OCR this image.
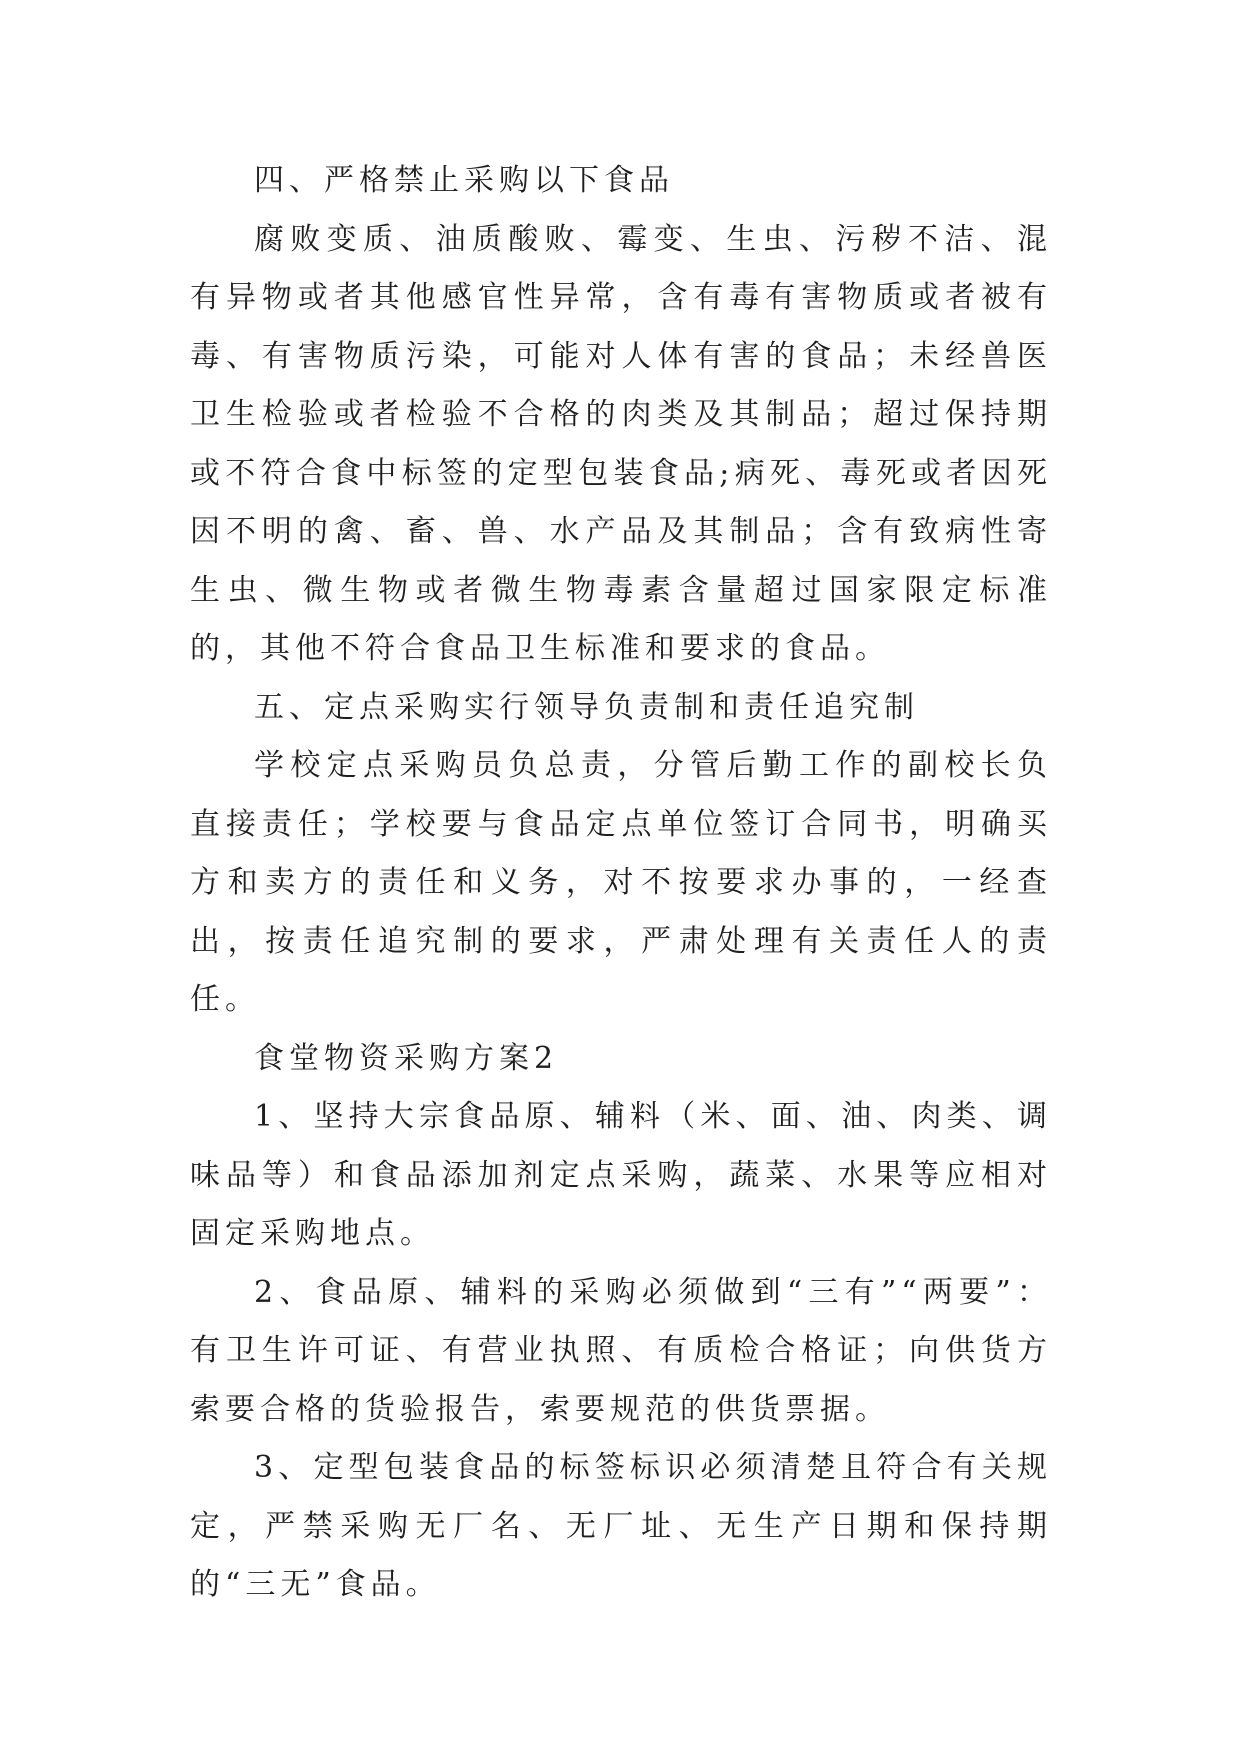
四、严格禁止采购以下食品

腐败变质、油质酸败、霉变、生虫、污秽不洁、混有异物或者其他感官性异常，含有毒有害物质或者被有毒、有害物质污染，可能对人体有害的食品；未经兽医卫生检验或者检验不合格的肉类及其制品；超过保持期或不符合食中标签的定型包装食品;病死、毒死或者因死因不明的禽、畜、兽、水产品及其制品；含有致病性寄生虫、微生物或者微生物毒素含量超过国家限定标准的，其他不符合食品卫生标准和要求的食品。

五、定点采购实行领导负责制和责任追究制

学校定点采购员负总责，分管后勤工作的副校长负直接责任；学校要与食品定点单位签订合同书，明确买方和卖方的责任和义务，对不按要求办事的，一经查出，按责任追究制的要求，严肃处理有关责任人的责任。

食堂物资采购方案2

1、坚持大宗食品原、辅料（米、面、油、肉类、调味品等）和食品添加剂定点采购，蔬菜、水果等应相对固定采购地点。

2、食品原、辅料的采购必须做到“三有”“两要”：有卫生许可证、有营业执照、有质检合格证；向供货方索要合格的货验报告，索要规范的供货票据。

3、定型包装食品的标签标识必须清楚且符合有关规定，严禁采购无厂名、无厂址、无生产日期和保持期的“三无”食品。
